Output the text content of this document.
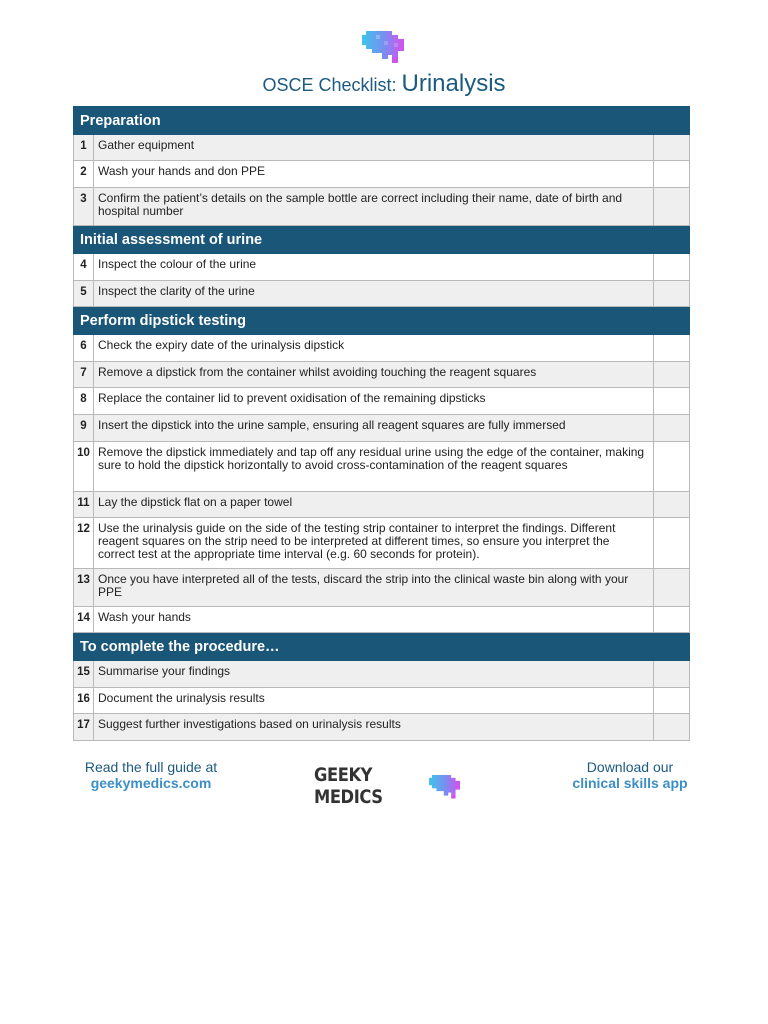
OSCE Checklist: Urinalysis
Preparation		
1	Gather equipment	
2	Wash your hands and don PPE	
3	Confirm the patient’s details on the sample bottle are correct including their name, date of birth and hospital number	
Initial assessment of urine		
4	Inspect the colour of the urine	
5	Inspect the clarity of the urine	
Perform dipstick testing		
6	Check the expiry date of the urinalysis dipstick	
7	Remove a dipstick from the container whilst avoiding touching the reagent squares	
8	Replace the container lid to prevent oxidisation of the remaining dipsticks	
9	Insert the dipstick into the urine sample, ensuring all reagent squares are fully immersed	
10	Remove the dipstick immediately and tap off any residual urine using the edge of the container, making sure to hold the dipstick horizontally to avoid cross-contamination of the reagent squares	
11	Lay the dipstick flat on a paper towel	
12	Use the urinalysis guide on the side of the testing strip container to interpret the findings. Different reagent squares on the strip need to be interpreted at different times, so ensure you interpret the correct test at the appropriate time interval (e.g. 60 seconds for protein).	
13	Once you have interpreted all of the tests, discard the strip into the clinical waste bin along with your PPE	
14	Wash your hands	
To complete the procedure…		
15	Summarise your findings	
16	Document the urinalysis results	
17	Suggest further investigations based on urinalysis results	
Read the full guide at
geekymedics.com	GEEKY MEDICS
Download our
clinical skills app
